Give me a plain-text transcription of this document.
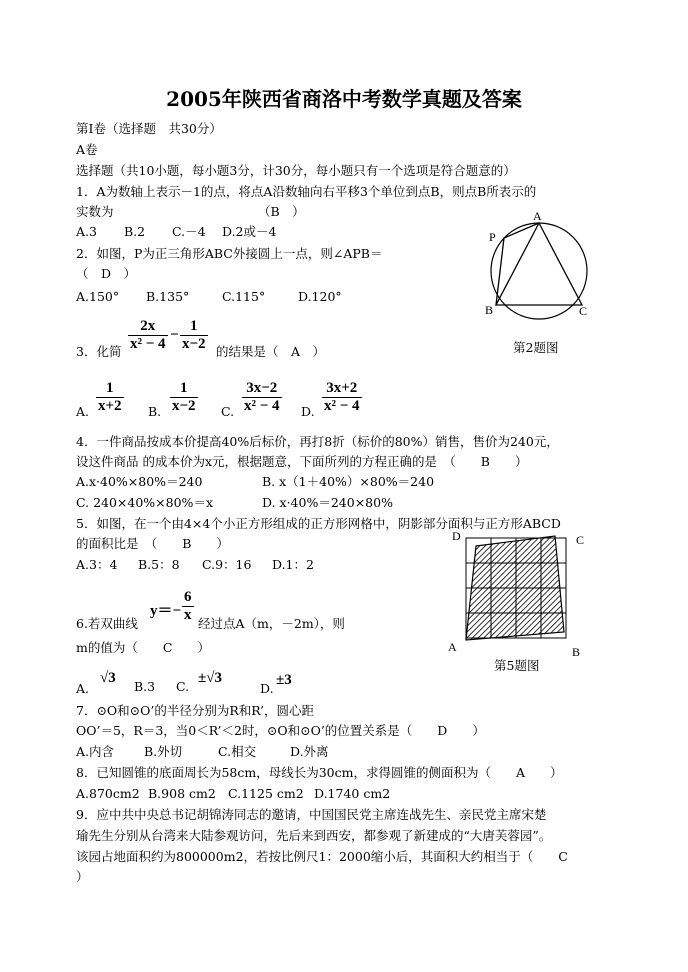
2005年陕西省商洛中考数学真题及答案
第Ⅰ卷（选择题　共30分）
A卷
选择题（共10小题，每小题3分，计30分，每小题只有一个选项是符合题意的）
1．A为数轴上表示－1的点，将点A沿数轴向右平移3个单位到点B，则点B所表示的
实数为	（B　）
A.3 B.2 C.－4 D.2或－4
2．如图，P为正三角形ABC外接圆上一点，则∠APB＝
（　D　）
A.150° B.135°	C.115°	D.120°
A
P
B	C
第2题图
3．化简 $\frac{2x}{\text{x² − 4}} - \frac{1}{x-2}$ 的结果是（　A　）
A. $\frac{1}{x+2} B$. $\frac{1}{x-2} C$. $\frac{3x-2}{\text{x² − 4}} D$. $\frac{3x+2}{\text{x² − 4}}$
4．一件商品按成本价提高40%后标价，再打8折（标价的80%）销售，售价为240元，
设这件商品 的成本价为x元，根据题意，下面所列的方程正确的是　（　　B　　）
A.x·40%×80%＝240	B. x（1＋40%）×80%＝240
C. 240×40%×80%＝x	D. x·40%＝240×80%
5．如图，在一个由4×4个小正方形组成的正方形网格中，阴影部分面积与正方形ABCD
的面积比是　（　　B　　）
A.3：4 B.5：8 C.9：16 D.1：2
D	C
A	B
第5题图
6.若双曲线
$y=- \frac{6}{x}$ 经过点A（m，－2m），则
m的值为（　　C　　）
A.
√3
B.3 C.
±√3
D.
±3
7．⊙O和⊙O’的半径分别为R和R’，圆心距
OO’＝5，R＝3，当0＜R’＜2时，⊙O和⊙O’的位置关系是（　　D　　）
A.内含 B.外切	C.相交	D.外离
8．已知圆锥的底面周长为58cm，母线长为30cm，求得圆锥的侧面积为（　　A　　）
A.870cm2 B.908 cm2 C.1125 cm2 D.1740 cm2
9．应中共中央总书记胡锦涛同志的邀请，中国国民党主席连战先生、亲民党主席宋楚
瑜先生分别从台湾来大陆参观访问，先后来到西安，都参观了新建成的“大唐芙蓉园”。
该园占地面积约为800000m2，若按比例尺1：2000缩小后，其面积大约相当于（　　C
）
